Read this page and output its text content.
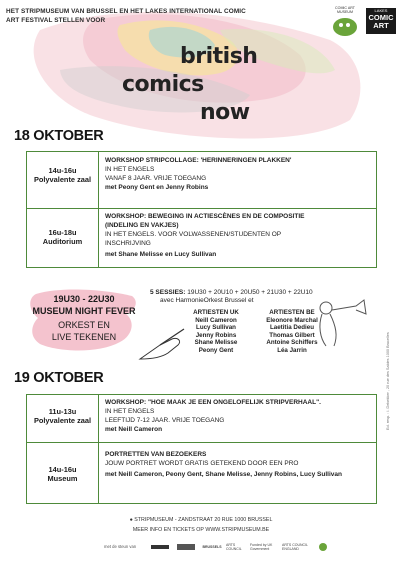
HET STRIPMUSEUM VAN BRUSSEL EN HET LAKES INTERNATIONAL COMIC ART FESTIVAL STELLEN VOOR
COMIC ART MUSEUM	LAKES
COMIC ART
british
comics
now
18 OKTOBER
14u-16u
Polyvalente zaal
WORKSHOP STRIPCOLLAGE: 'HERINNERINGEN PLAKKEN'
IN HET ENGELS
VANAF 8 JAAR. VRIJE TOEGANG
met Peony Gent en Jenny Robins
16u-18u
Auditorium
WORKSHOP: BEWEGING IN ACTIESCÈNES EN DE COMPOSITIE (INDELING EN VAKJES)
IN HET ENGELS. VOOR VOLWASSENEN/STUDENTEN OP INSCHRIJVING
met Shane Melisse en Lucy Sullivan
19U30 - 22U30
MUSEUM NIGHT FEVER
ORKEST EN
LIVE TEKENEN
5 SESSIES: 19U30 + 20U10 + 20U50 + 21U30 + 22U10
avec HarmonieOrkest Brussel et
ARTIESTEN UK
Neill Cameron
Lucy Sullivan
Jenny Robins
Shane Melisse
Peony Gent
ARTIESTEN BE
Eleonore Marchal
Laetitia Dedieu
Thomas Gilbert
Antoine Schiffers
Léa Jarrin
19 OKTOBER
11u-13u
Polyvalente zaal
WORKSHOP: "HOE MAAK JE EEN ONGELOFELIJK STRIPVERHAAL".
IN HET ENGELS
LEEFTIJD 7-12 JAAR. VRIJE TOEGANG
met Neill Cameron
14u-16u
Museum
PORTRETTEN VAN BEZOEKERS
JOUW PORTRET WORDT GRATIS GETEKEND DOOR EEN PRO
met Neill Cameron, Peony Gent, Shane Melisse, Jenny Robins, Lucy Sullivan
Ed. resp. : I. Debekker , 20 rue des Sables 1000 Bruxelles
● STRIPMUSEUM - ZANDSTRAAT 20 RUE 1000 BRUSSEL
MEER INFO EN TICKETS OP WWW.STRIPMUSEUM.BE
met de steun van	BRUSSELS	ARTS COUNCIL
Funded by UK Government
ARTS COUNCIL ENGLAND
